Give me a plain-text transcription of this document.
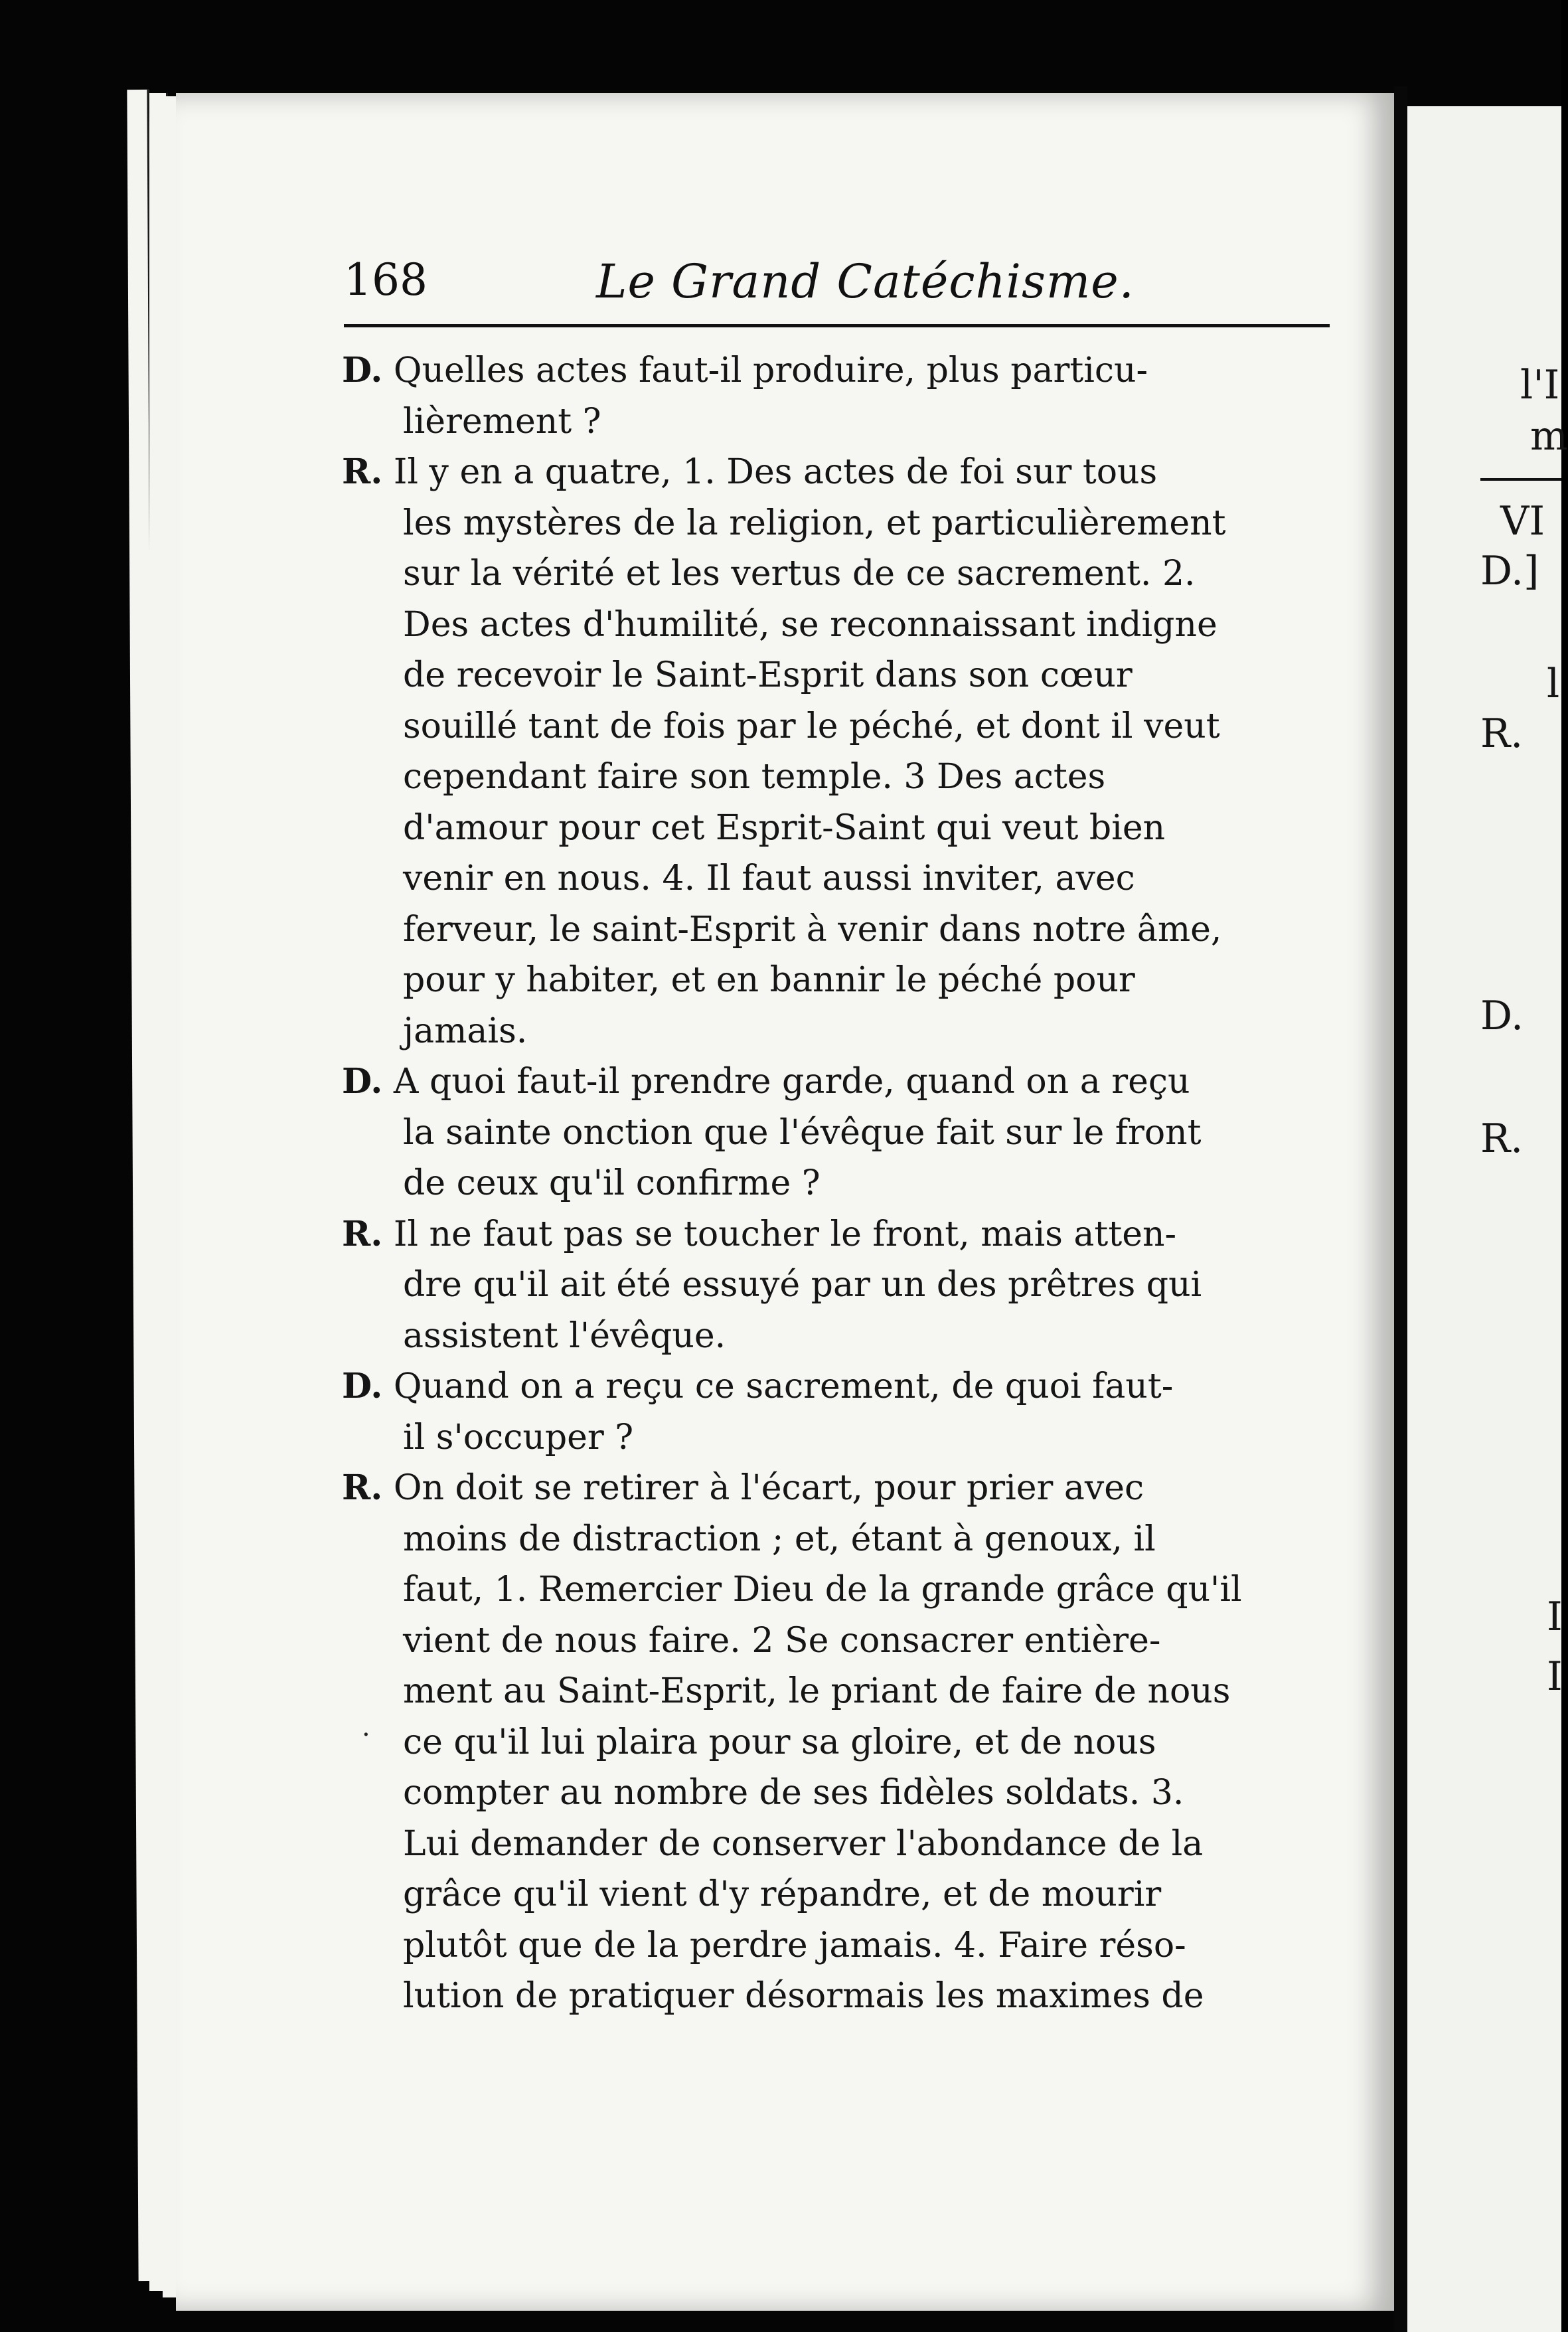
168	Le Grand Catéchisme.
D. Quelles actes faut-il produire, plus particu-
lièrement ?
R. Il y en a quatre, 1. Des actes de foi sur tous
les mystères de la religion, et particulièrement
sur la vérité et les vertus de ce sacrement. 2.
Des actes d'humilité, se reconnaissant indigne
de recevoir le Saint-Esprit dans son cœur
souillé tant de fois par le péché, et dont il veut
cependant faire son temple. 3 Des actes
d'amour pour cet Esprit-Saint qui veut bien
venir en nous. 4. Il faut aussi inviter, avec
ferveur, le saint-Esprit à venir dans notre âme,
pour y habiter, et en bannir le péché pour
jamais.
D. A quoi faut-il prendre garde, quand on a reçu
la sainte onction que l'évêque fait sur le front
de ceux qu'il confirme ?
R. Il ne faut pas se toucher le front, mais atten-
dre qu'il ait été essuyé par un des prêtres qui
assistent l'évêque.
D. Quand on a reçu ce sacrement, de quoi faut-
il s'occuper ?
R. On doit se retirer à l'écart, pour prier avec
moins de distraction ; et, étant à genoux, il
faut, 1. Remercier Dieu de la grande grâce qu'il
vient de nous faire. 2 Se consacrer entière-
ment au Saint-Esprit, le priant de faire de nous
ce qu'il lui plaira pour sa gloire, et de nous
compter au nombre de ses fidèles soldats. 3.
Lui demander de conserver l'abondance de la
grâce qu'il vient d'y répandre, et de mourir
plutôt que de la perdre jamais. 4. Faire réso-
lution de pratiquer désormais les maximes de
·
l'I
m
VI
D.]
l
R.
D.
R.
I
I
